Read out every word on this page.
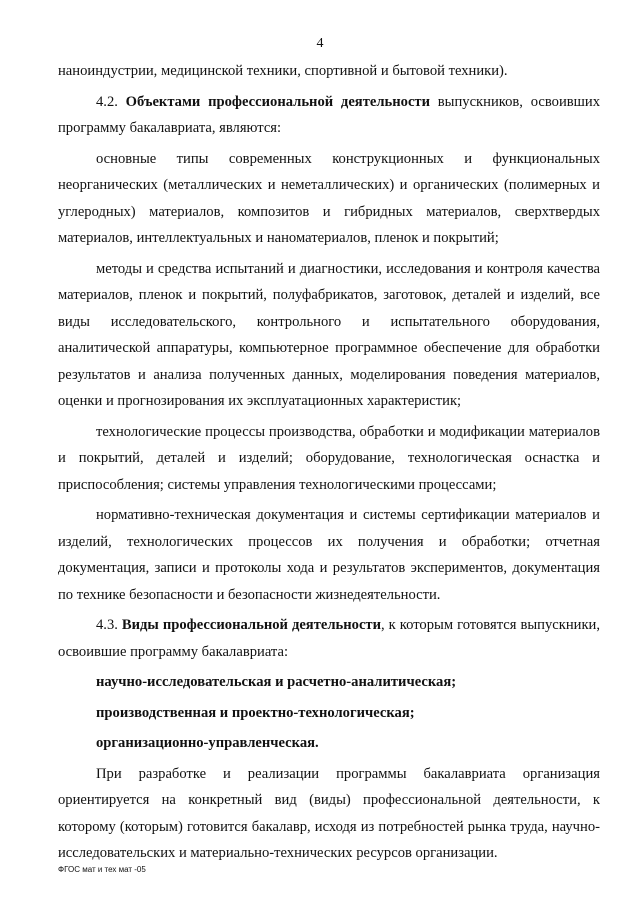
4

наноиндустрии, медицинской техники, спортивной и бытовой техники).

4.2. Объектами профессиональной деятельности выпускников, освоивших программу бакалавриата, являются:

основные типы современных конструкционных и функциональных неорганических (металлических и неметаллических) и органических (полимерных и углеродных) материалов, композитов и гибридных материалов, сверхтвердых материалов, интеллектуальных и наноматериалов, пленок и покрытий;

методы и средства испытаний и диагностики, исследования и контроля качества материалов, пленок и покрытий, полуфабрикатов, заготовок, деталей и изделий, все виды исследовательского, контрольного и испытательного оборудования, аналитической аппаратуры, компьютерное программное обеспечение для обработки результатов и анализа полученных данных, моделирования поведения материалов, оценки и прогнозирования их эксплуатационных характеристик;

технологические процессы производства, обработки и модификации материалов и покрытий, деталей и изделий; оборудование, технологическая оснастка и приспособления; системы управления технологическими процессами;

нормативно-техническая документация и системы сертификации материалов и изделий, технологических процессов их получения и обработки; отчетная документация, записи и протоколы хода и результатов экспериментов, документация по технике безопасности и безопасности жизнедеятельности.

4.3. Виды профессиональной деятельности, к которым готовятся выпускники, освоившие программу бакалавриата:

научно-исследовательская и расчетно-аналитическая;

производственная и проектно-технологическая;

организационно-управленческая.

При разработке и реализации программы бакалавриата организация ориентируется на конкретный вид (виды) профессиональной деятельности, к которому (которым) готовится бакалавр, исходя из потребностей рынка труда, научно-исследовательских и материально-технических ресурсов организации.

ФГОС мат и тех мат -05
